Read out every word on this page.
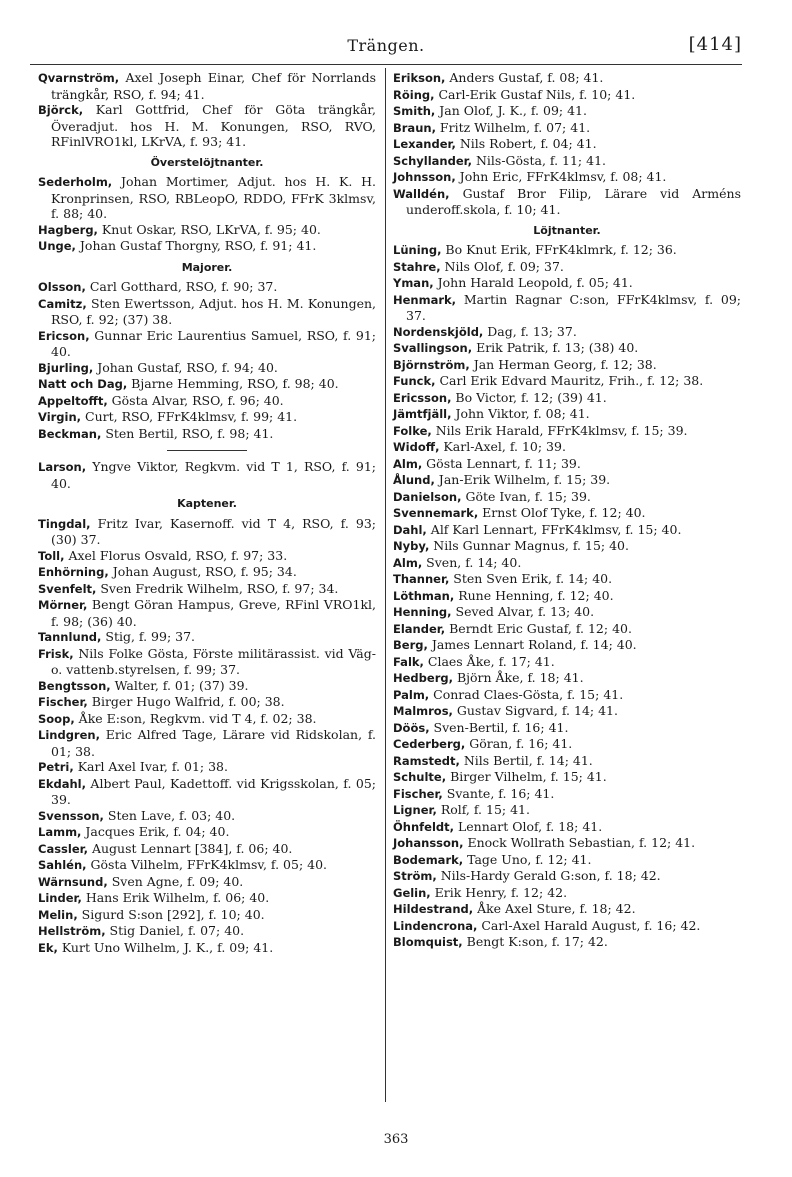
Trängen.	[414]

Qvarnström, Axel Joseph Einar, Chef för Norrlands trängkår, RSO, f. 94; 41.

Björck, Karl Gottfrid, Chef för Göta trängkår, Överadjut. hos H. M. Konungen, RSO, RVO, RFinlVRO1kl, LKrVA, f. 93; 41.

Överstelöjtnanter.

Sederholm, Johan Mortimer, Adjut. hos H. K. H. Kronprinsen, RSO, RBLeopO, RDDO, FFrK 3klmsv, f. 88; 40.

Hagberg, Knut Oskar, RSO, LKrVA, f. 95; 40.

Unge, Johan Gustaf Thorgny, RSO, f. 91; 41.

Majorer.

Olsson, Carl Gotthard, RSO, f. 90; 37.

Camitz, Sten Ewertsson, Adjut. hos H. M. Konungen, RSO, f. 92; (37) 38.

Ericson, Gunnar Eric Laurentius Samuel, RSO, f. 91; 40.

Bjurling, Johan Gustaf, RSO, f. 94; 40.

Natt och Dag, Bjarne Hemming, RSO, f. 98; 40.

Appeltofft, Gösta Alvar, RSO, f. 96; 40.

Virgin, Curt, RSO, FFrK4klmsv, f. 99; 41.

Beckman, Sten Bertil, RSO, f. 98; 41.

Larson, Yngve Viktor, Regkvm. vid T 1, RSO, f. 91; 40.

Kaptener.

Tingdal, Fritz Ivar, Kasernoff. vid T 4, RSO, f. 93; (30) 37.

Toll, Axel Florus Osvald, RSO, f. 97; 33.

Enhörning, Johan August, RSO, f. 95; 34.

Svenfelt, Sven Fredrik Wilhelm, RSO, f. 97; 34.

Mörner, Bengt Göran Hampus, Greve, RFinl VRO1kl, f. 98; (36) 40.

Tannlund, Stig, f. 99; 37.

Frisk, Nils Folke Gösta, Förste militärassist. vid Väg- o. vattenb.styrelsen, f. 99; 37.

Bengtsson, Walter, f. 01; (37) 39.

Fischer, Birger Hugo Walfrid, f. 00; 38.

Soop, Åke E:son, Regkvm. vid T 4, f. 02; 38.

Lindgren, Eric Alfred Tage, Lärare vid Ridskolan, f. 01; 38.

Petri, Karl Axel Ivar, f. 01; 38.

Ekdahl, Albert Paul, Kadettoff. vid Krigsskolan, f. 05; 39.

Svensson, Sten Lave, f. 03; 40.

Lamm, Jacques Erik, f. 04; 40.

Cassler, August Lennart [384], f. 06; 40.

Sahlén, Gösta Vilhelm, FFrK4klmsv, f. 05; 40.

Wärnsund, Sven Agne, f. 09; 40.

Linder, Hans Erik Wilhelm, f. 06; 40.

Melin, Sigurd S:son [292], f. 10; 40.

Hellström, Stig Daniel, f. 07; 40.

Ek, Kurt Uno Wilhelm, J. K., f. 09; 41.

Erikson, Anders Gustaf, f. 08; 41.

Röing, Carl-Erik Gustaf Nils, f. 10; 41.

Smith, Jan Olof, J. K., f. 09; 41.

Braun, Fritz Wilhelm, f. 07; 41.

Lexander, Nils Robert, f. 04; 41.

Schyllander, Nils-Gösta, f. 11; 41.

Johnsson, John Eric, FFrK4klmsv, f. 08; 41.

Walldén, Gustaf Bror Filip, Lärare vid Arméns underoff.skola, f. 10; 41.

Löjtnanter.

Lüning, Bo Knut Erik, FFrK4klmrk, f. 12; 36.

Stahre, Nils Olof, f. 09; 37.

Yman, John Harald Leopold, f. 05; 41.

Henmark, Martin Ragnar C:son, FFrK4klmsv, f. 09; 37.

Nordenskjöld, Dag, f. 13; 37.

Svallingson, Erik Patrik, f. 13; (38) 40.

Björnström, Jan Herman Georg, f. 12; 38.

Funck, Carl Erik Edvard Mauritz, Frih., f. 12; 38.

Ericsson, Bo Victor, f. 12; (39) 41.

Jämtfjäll, John Viktor, f. 08; 41.

Folke, Nils Erik Harald, FFrK4klmsv, f. 15; 39.

Widoff, Karl-Axel, f. 10; 39.

Alm, Gösta Lennart, f. 11; 39.

Ålund, Jan-Erik Wilhelm, f. 15; 39.

Danielson, Göte Ivan, f. 15; 39.

Svennemark, Ernst Olof Tyke, f. 12; 40.

Dahl, Alf Karl Lennart, FFrK4klmsv, f. 15; 40.

Nyby, Nils Gunnar Magnus, f. 15; 40.

Alm, Sven, f. 14; 40.

Thanner, Sten Sven Erik, f. 14; 40.

Löthman, Rune Henning, f. 12; 40.

Henning, Seved Alvar, f. 13; 40.

Elander, Berndt Eric Gustaf, f. 12; 40.

Berg, James Lennart Roland, f. 14; 40.

Falk, Claes Åke, f. 17; 41.

Hedberg, Björn Åke, f. 18; 41.

Palm, Conrad Claes-Gösta, f. 15; 41.

Malmros, Gustav Sigvard, f. 14; 41.

Döös, Sven-Bertil, f. 16; 41.

Cederberg, Göran, f. 16; 41.

Ramstedt, Nils Bertil, f. 14; 41.

Schulte, Birger Vilhelm, f. 15; 41.

Fischer, Svante, f. 16; 41.

Ligner, Rolf, f. 15; 41.

Öhnfeldt, Lennart Olof, f. 18; 41.

Johansson, Enock Wollrath Sebastian, f. 12; 41.

Bodemark, Tage Uno, f. 12; 41.

Ström, Nils-Hardy Gerald G:son, f. 18; 42.

Gelin, Erik Henry, f. 12; 42.

Hildestrand, Åke Axel Sture, f. 18; 42.

Lindencrona, Carl-Axel Harald August, f. 16; 42.

Blomquist, Bengt K:son, f. 17; 42.

363
